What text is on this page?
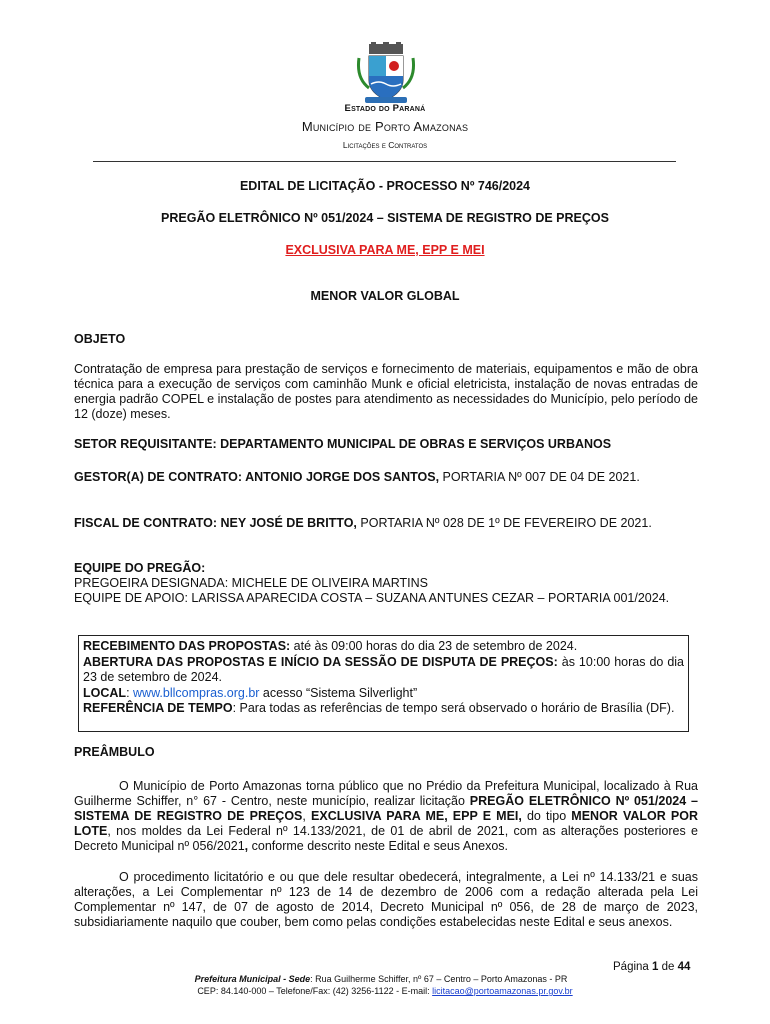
Estado do Paraná
Município de Porto Amazonas
Licitações e Contratos
EDITAL DE LICITAÇÃO - PROCESSO Nº 746/2024
PREGÃO ELETRÔNICO Nº 051/2024 – SISTEMA DE REGISTRO DE PREÇOS
EXCLUSIVA PARA ME, EPP E MEI
MENOR VALOR GLOBAL
OBJETO
Contratação de empresa para prestação de serviços e fornecimento de materiais, equipamentos e mão de obra técnica para a execução de serviços com caminhão Munk e oficial eletricista, instalação de novas entradas de energia padrão COPEL e instalação de postes para atendimento as necessidades do Município, pelo período de 12 (doze) meses.
SETOR REQUISITANTE: DEPARTAMENTO MUNICIPAL DE OBRAS E SERVIÇOS URBANOS
GESTOR(A) DE CONTRATO: ANTONIO JORGE DOS SANTOS, PORTARIA Nº 007 DE 04 DE 2021.
FISCAL DE CONTRATO: NEY JOSÉ DE BRITTO, PORTARIA Nº 028 DE 1º DE FEVEREIRO DE 2021.
EQUIPE DO PREGÃO:
PREGOEIRA DESIGNADA: MICHELE DE OLIVEIRA MARTINS
EQUIPE DE APOIO: LARISSA APARECIDA COSTA – SUZANA ANTUNES CEZAR – PORTARIA 001/2024.
RECEBIMENTO DAS PROPOSTAS: até às 09:00 horas do dia 23 de setembro de 2024.
ABERTURA DAS PROPOSTAS E INÍCIO DA SESSÃO DE DISPUTA DE PREÇOS: às 10:00 horas do dia 23 de setembro de 2024.
LOCAL: www.bllcompras.org.br acesso “Sistema Silverlight”
REFERÊNCIA DE TEMPO: Para todas as referências de tempo será observado o horário de Brasília (DF).
PREÂMBULO
O Município de Porto Amazonas torna público que no Prédio da Prefeitura Municipal, localizado à Rua Guilherme Schiffer, n° 67 - Centro, neste município, realizar licitação PREGÃO ELETRÔNICO Nº 051/2024 – SISTEMA DE REGISTRO DE PREÇOS, EXCLUSIVA PARA ME, EPP E MEI, do tipo MENOR VALOR POR LOTE, nos moldes da Lei Federal nº 14.133/2021, de 01 de abril de 2021, com as alterações posteriores e Decreto Municipal nº 056/2021, conforme descrito neste Edital e seus Anexos.
O procedimento licitatório e ou que dele resultar obedecerá, integralmente, a Lei nº 14.133/21 e suas alterações, a Lei Complementar nº 123 de 14 de dezembro de 2006 com a redação alterada pela Lei Complementar nº 147, de 07 de agosto de 2014, Decreto Municipal nº 056, de 28 de março de 2023, subsidiariamente naquilo que couber, bem como pelas condições estabelecidas neste Edital e seus anexos.
Página 1 de 44
Prefeitura Municipal - Sede: Rua Guilherme Schiffer, nº 67 – Centro – Porto Amazonas - PR
CEP: 84.140-000 – Telefone/Fax: (42) 3256-1122 - E-mail: licitacao@portoamazonas.pr.gov.br
